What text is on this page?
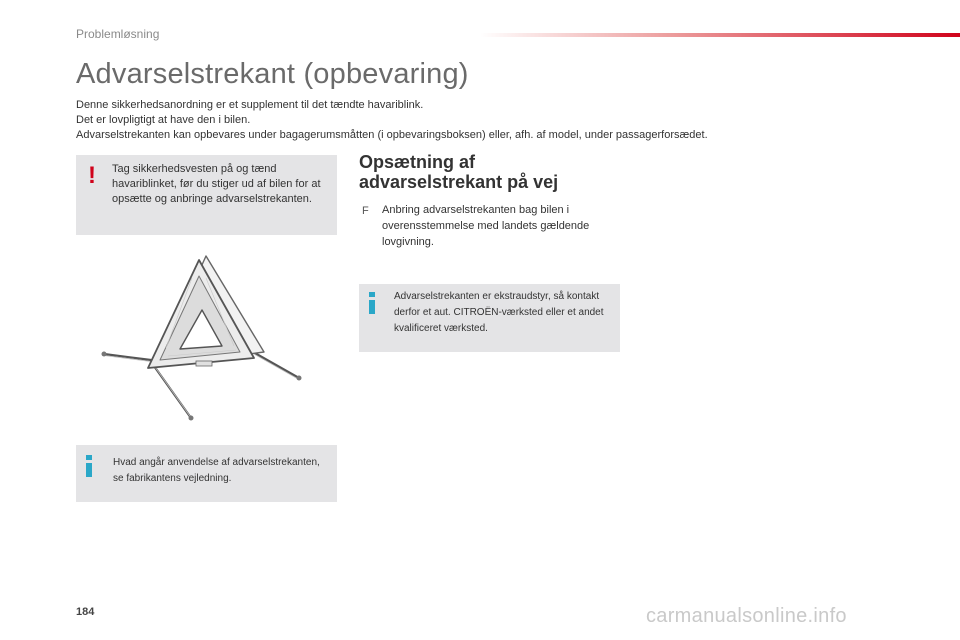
Problemløsning
Advarselstrekant (opbevaring)
Denne sikkerhedsanordning er et supplement til det tændte havariblink.
Det er lovpligtigt at have den i bilen.
Advarselstrekanten kan opbevares under bagagerumsmåtten (i opbevaringsboksen) eller, afh. af model, under passagerforsædet.
! Tag sikkerhedsvesten på og tænd havariblinket, før du stiger ud af bilen for at opsætte og anbringe advarselstrekanten.
Hvad angår anvendelse af advarselstrekanten, se fabrikantens vejledning.
Opsætning af
advarselstrekant på vej
F Anbring advarselstrekanten bag bilen i overensstemmelse med landets gældende lovgivning.
Advarselstrekanten er ekstraudstyr, så kontakt derfor et aut. CITROËN-værksted eller et andet kvalificeret værksted.
184	carmanualsonline.info
